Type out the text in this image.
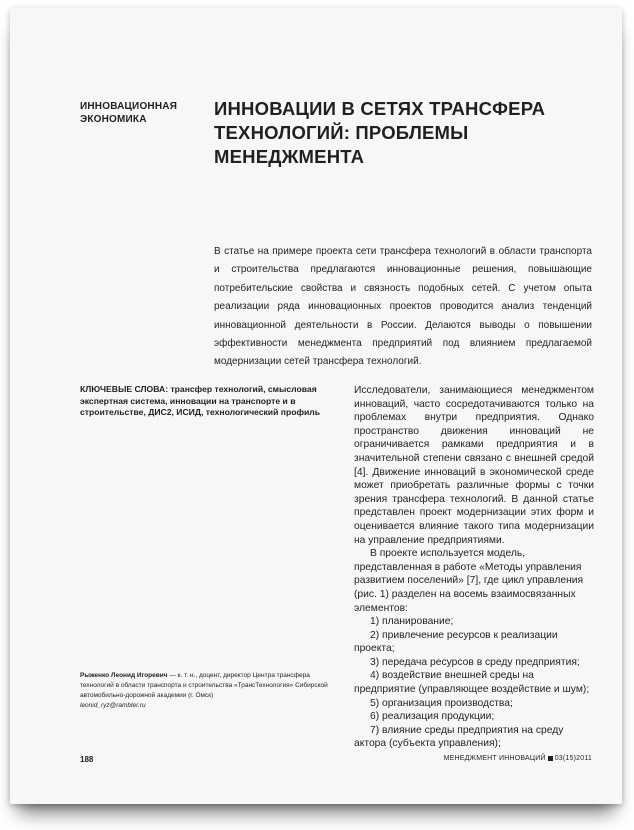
ИННОВАЦИОННАЯ
ЭКОНОМИКА
ИННОВАЦИИ В СЕТЯХ ТРАНСФЕРА
ТЕХНОЛОГИЙ: ПРОБЛЕМЫ МЕНЕДЖМЕНТА

В статье на примере проекта сети трансфера технологий в области транспорта и строительства предлагаются инновационные решения, повышающие потребительские свойства и связность подобных сетей. С учетом опыта реализации ряда инновационных проектов проводится анализ тенденций инновационной деятельности в России. Делаются выводы о повышении эффективности менеджмента предприятий под влиянием предлагаемой модернизации сетей трансфера технологий.

КЛЮЧЕВЫЕ СЛОВА: трансфер технологий, смысловая экспертная система, инновации на транспорте и в строительстве, ДИС2, ИСИД, технологический профиль

Рыженко Леонид Игоревич — к. т. н., доцент, директор Центра трансфера технологий в области транспорта и строительства «ТрансТехнология» Сибирской автомобильно-дорожной академии (г. Омск)
leonid_ryz@rambler.ru

Исследователи, занимающиеся менеджментом инноваций, часто сосредотачиваются только на проблемах внутри предприятия. Однако пространство движения инноваций не ограничивается рамками предприятия и в значительной степени связано с внешней средой [4]. Движение инноваций в экономической среде может приобретать различные формы с точки зрения трансфера технологий. В данной статье представлен проект модернизации этих форм и оценивается влияние такого типа модернизации на управление предприятиями.

В проекте используется модель, представленная в работе «Методы управления развитием поселений» [7], где цикл управления (рис. 1) разделен на восемь взаимосвязанных элементов:

1) планирование;

2) привлечение ресурсов к реализации проекта;

3) передача ресурсов в среду предприятия;

4) воздействие внешней среды на предприятие (управляющее воздействие и шум);

5) организация производства;

6) реализация продукции;

7) влияние среды предприятия на среду актора (субъекта управления);

188	МЕНЕДЖМЕНТ ИННОВАЦИЙ 03(15)2011
